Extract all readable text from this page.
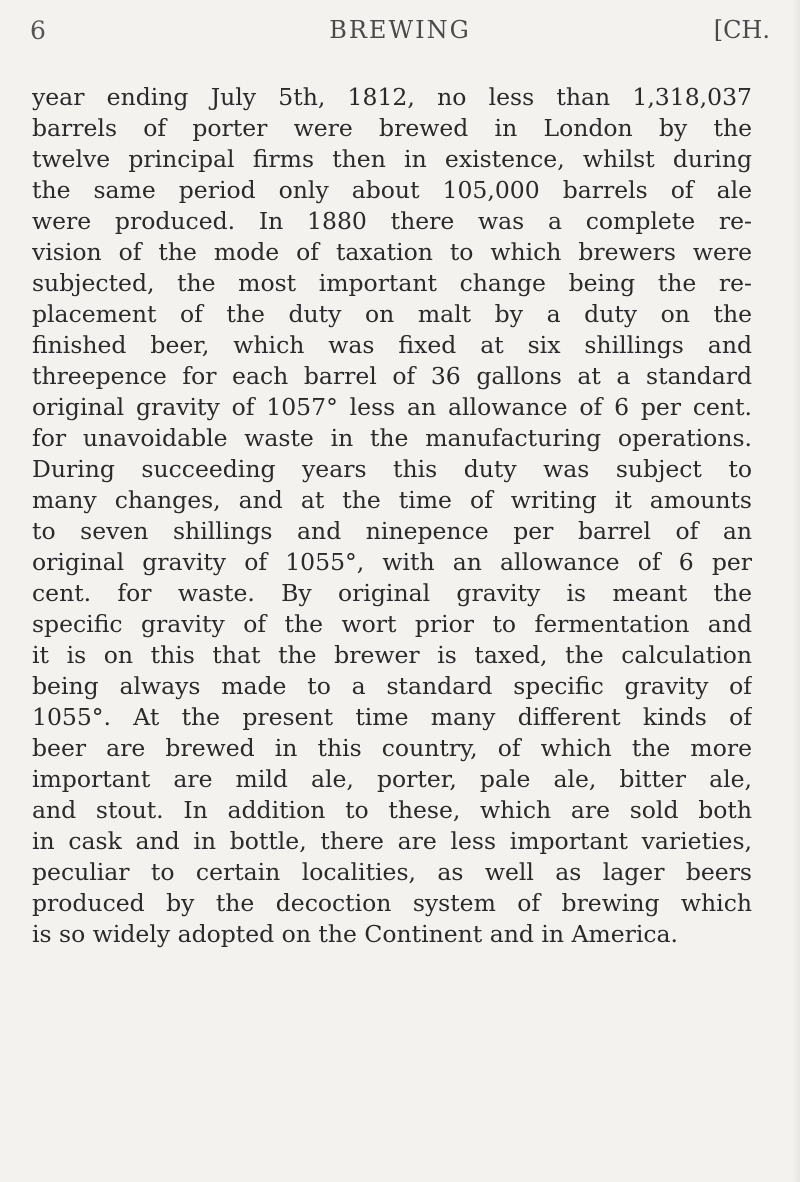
6	BREWING	[CH.
year ending July 5th, 1812, no less than 1,318,037
barrels of porter were brewed in London by the
twelve principal firms then in existence, whilst during
the same period only about 105,000 barrels of ale
were produced. In 1880 there was a complete re-
vision of the mode of taxation to which brewers were
subjected, the most important change being the re-
placement of the duty on malt by a duty on the
finished beer, which was fixed at six shillings and
threepence for each barrel of 36 gallons at a standard
original gravity of 1057° less an allowance of 6 per cent.
for unavoidable waste in the manufacturing operations.
During succeeding years this duty was subject to
many changes, and at the time of writing it amounts
to seven shillings and ninepence per barrel of an
original gravity of 1055°, with an allowance of 6 per
cent. for waste. By original gravity is meant the
specific gravity of the wort prior to fermentation and
it is on this that the brewer is taxed, the calculation
being always made to a standard specific gravity of
1055°. At the present time many different kinds of
beer are brewed in this country, of which the more
important are mild ale, porter, pale ale, bitter ale,
and stout. In addition to these, which are sold both
in cask and in bottle, there are less important varieties,
peculiar to certain localities, as well as lager beers
produced by the decoction system of brewing which
is so widely adopted on the Continent and in America.
